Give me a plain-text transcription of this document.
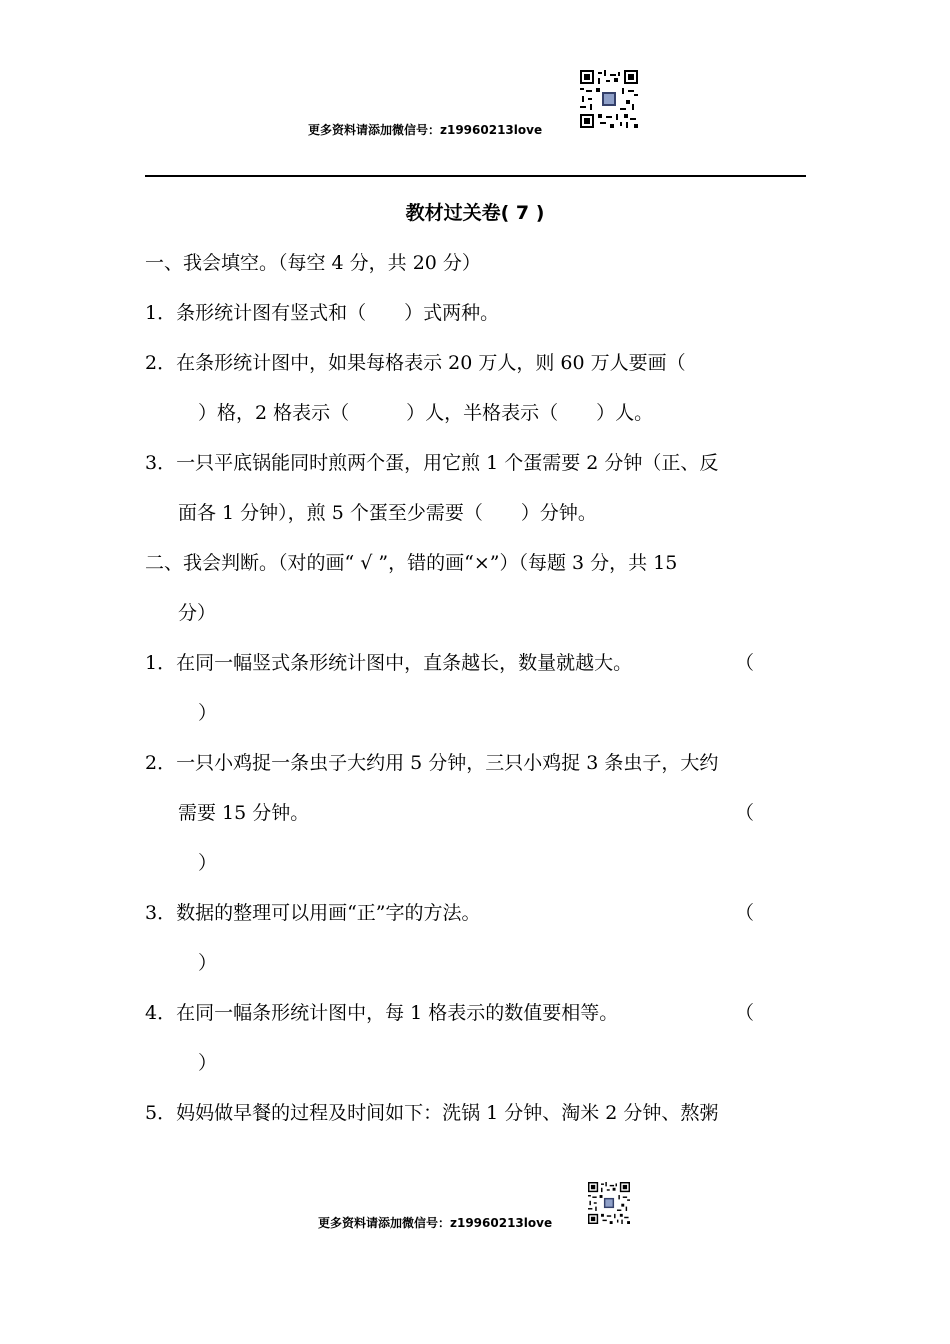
更多资料请添加微信号：z19960213love
教材过关卷( 7 )
一、我会填空。（每空 4 分，共 20 分）
1．条形统计图有竖式和（　　）式两种。
2．在条形统计图中，如果每格表示 20 万人，则 60 万人要画（
）格，2 格表示（　　　）人，半格表示（　　）人。
3．一只平底锅能同时煎两个蛋，用它煎 1 个蛋需要 2 分钟（正、反
面各 1 分钟），煎 5 个蛋至少需要（　　）分钟。
二、我会判断。（对的画“ √ ”，错的画“×”）（每题 3 分，共 15
分）
1．在同一幅竖式条形统计图中，直条越长，数量就越大。	（
）
2．一只小鸡捉一条虫子大约用 5 分钟，三只小鸡捉 3 条虫子，大约
需要 15 分钟。	（
）
3．数据的整理可以用画“正”字的方法。	（
）
4．在同一幅条形统计图中，每 1 格表示的数值要相等。	（
）
5．妈妈做早餐的过程及时间如下：洗锅 1 分钟、淘米 2 分钟、熬粥
更多资料请添加微信号：z19960213love
